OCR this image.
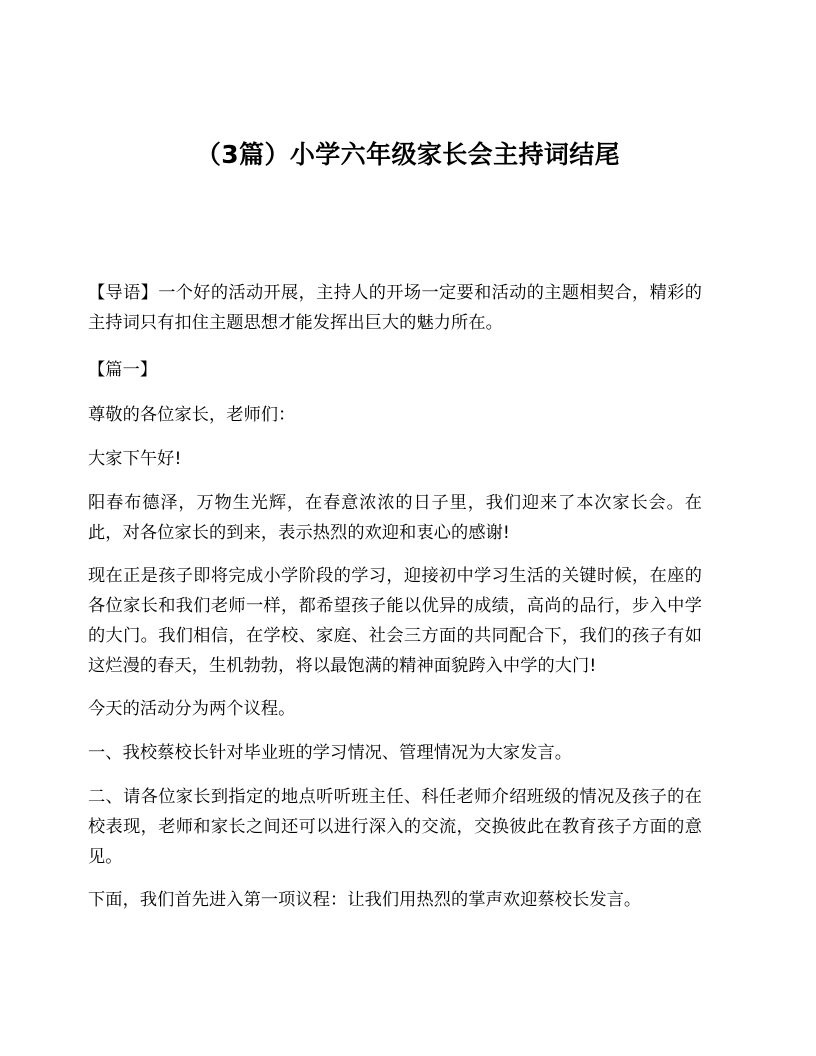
（3篇）小学六年级家长会主持词结尾

【导语】一个好的活动开展，主持人的开场一定要和活动的主题相契合，精彩的主持词只有扣住主题思想才能发挥出巨大的魅力所在。

【篇一】

尊敬的各位家长，老师们：

大家下午好!

阳春布德泽，万物生光辉，在春意浓浓的日子里，我们迎来了本次家长会。在此，对各位家长的到来，表示热烈的欢迎和衷心的感谢!

现在正是孩子即将完成小学阶段的学习，迎接初中学习生活的关键时候，在座的各位家长和我们老师一样，都希望孩子能以优异的成绩，高尚的品行，步入中学的大门。我们相信，在学校、家庭、社会三方面的共同配合下，我们的孩子有如这烂漫的春天，生机勃勃，将以最饱满的精神面貌跨入中学的大门!

今天的活动分为两个议程。

一、我校蔡校长针对毕业班的学习情况、管理情况为大家发言。

二、请各位家长到指定的地点听听班主任、科任老师介绍班级的情况及孩子的在校表现，老师和家长之间还可以进行深入的交流，交换彼此在教育孩子方面的意见。

下面，我们首先进入第一项议程：让我们用热烈的掌声欢迎蔡校长发言。
